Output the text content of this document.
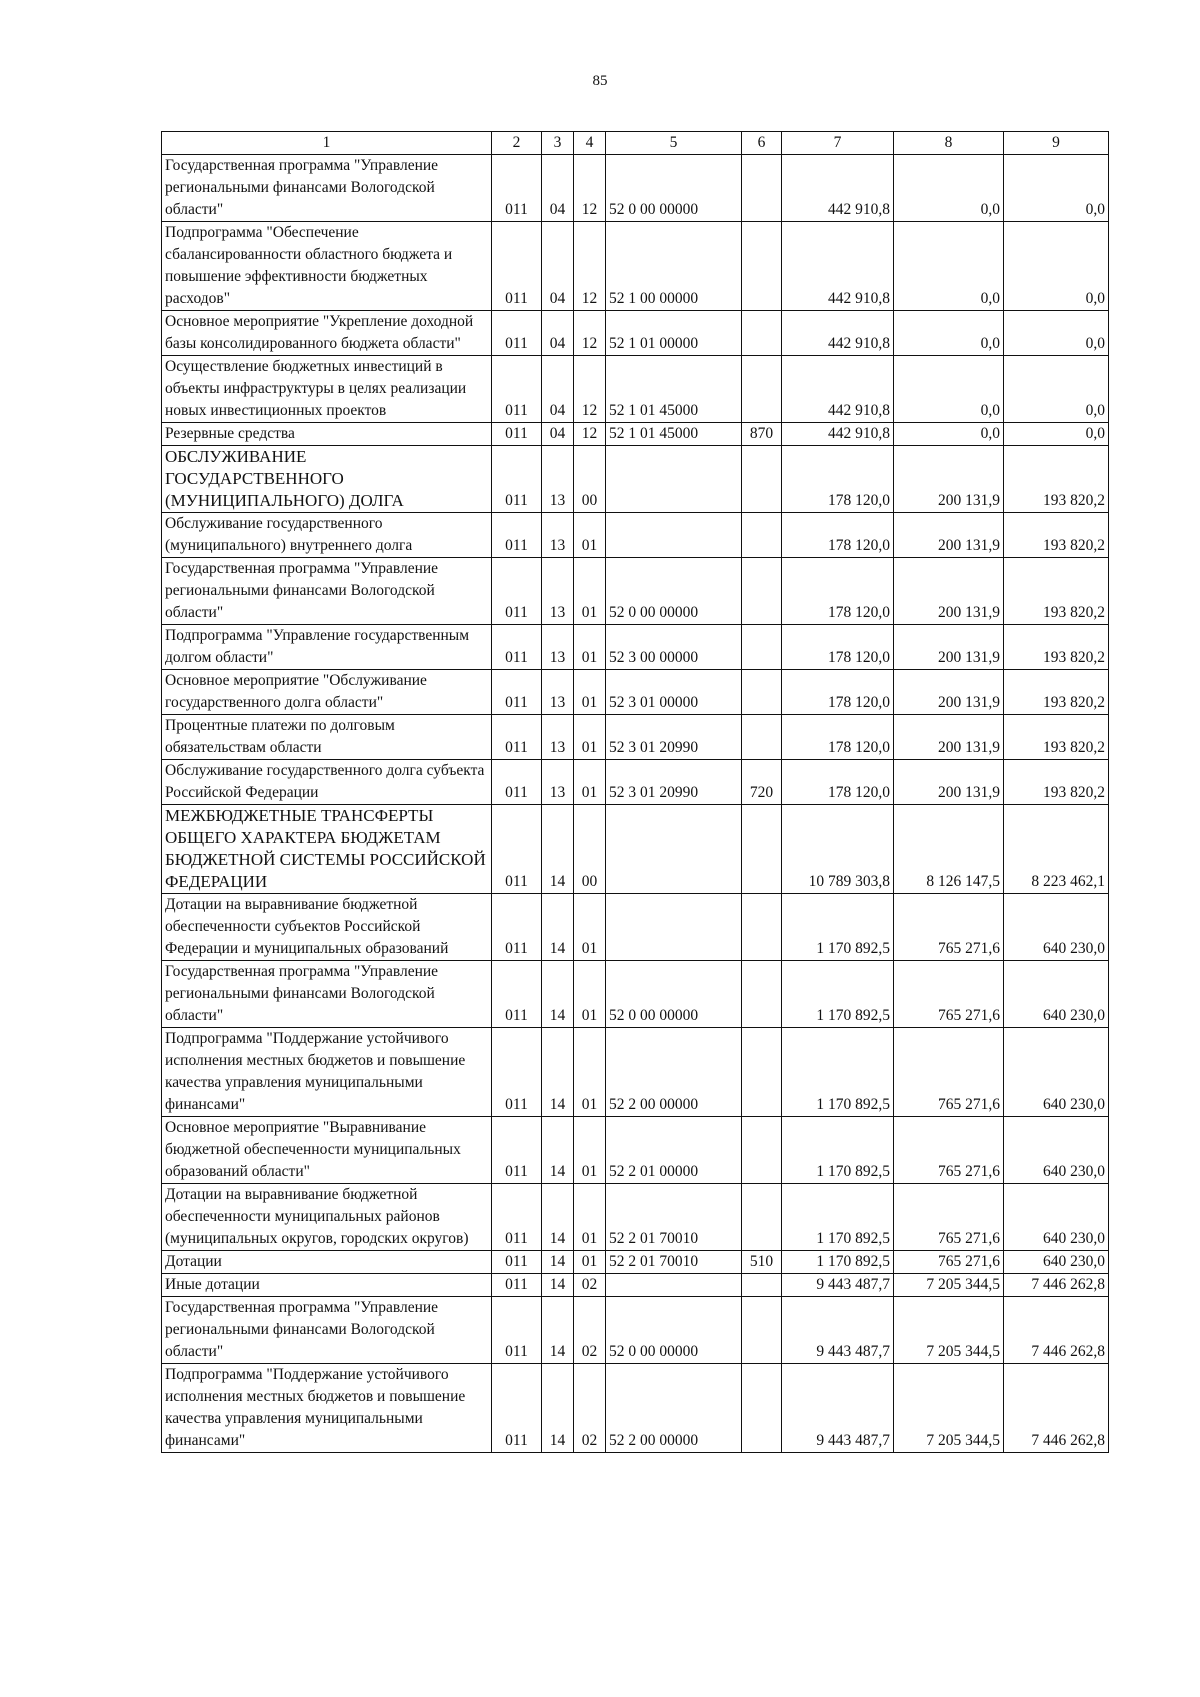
85
1	2	3	4	5	6	7	8	9
Государственная программа "Управление региональными финансами Вологодской области"	011	04	12	52 0 00 00000		442 910,8	0,0	0,0
Подпрограмма "Обеспечение сбалансированности областного бюджета и повышение эффективности бюджетных расходов"	011	04	12	52 1 00 00000		442 910,8	0,0	0,0
Основное мероприятие "Укрепление доходной базы консолидированного бюджета области"	011	04	12	52 1 01 00000		442 910,8	0,0	0,0
Осуществление бюджетных инвестиций в объекты инфраструктуры в целях реализации новых инвестиционных проектов	011	04	12	52 1 01 45000		442 910,8	0,0	0,0
Резервные средства	011	04	12	52 1 01 45000	870	442 910,8	0,0	0,0
ОБСЛУЖИВАНИЕ ГОСУДАРСТВЕННОГО (МУНИЦИПАЛЬНОГО) ДОЛГА	011	13	00			178 120,0	200 131,9	193 820,2
Обслуживание государственного (муниципального) внутреннего долга	011	13	01			178 120,0	200 131,9	193 820,2
Государственная программа "Управление региональными финансами Вологодской области"	011	13	01	52 0 00 00000		178 120,0	200 131,9	193 820,2
Подпрограмма "Управление государственным долгом области"	011	13	01	52 3 00 00000		178 120,0	200 131,9	193 820,2
Основное мероприятие "Обслуживание государственного долга области"	011	13	01	52 3 01 00000		178 120,0	200 131,9	193 820,2
Процентные платежи по долговым обязательствам области	011	13	01	52 3 01 20990		178 120,0	200 131,9	193 820,2
Обслуживание государственного долга субъекта Российской Федерации	011	13	01	52 3 01 20990	720	178 120,0	200 131,9	193 820,2
МЕЖБЮДЖЕТНЫЕ ТРАНСФЕРТЫ ОБЩЕГО ХАРАКТЕРА БЮДЖЕТАМ БЮДЖЕТНОЙ СИСТЕМЫ РОССИЙСКОЙ ФЕДЕРАЦИИ	011	14	00			10 789 303,8	8 126 147,5	8 223 462,1
Дотации на выравнивание бюджетной обеспеченности субъектов Российской Федерации и муниципальных образований	011	14	01			1 170 892,5	765 271,6	640 230,0
Государственная программа "Управление региональными финансами Вологодской области"	011	14	01	52 0 00 00000		1 170 892,5	765 271,6	640 230,0
Подпрограмма "Поддержание устойчивого исполнения местных бюджетов и повышение качества управления муниципальными финансами"	011	14	01	52 2 00 00000		1 170 892,5	765 271,6	640 230,0
Основное мероприятие "Выравнивание бюджетной обеспеченности муниципальных образований области"	011	14	01	52 2 01 00000		1 170 892,5	765 271,6	640 230,0
Дотации на выравнивание бюджетной обеспеченности муниципальных районов (муниципальных округов, городских округов)	011	14	01	52 2 01 70010		1 170 892,5	765 271,6	640 230,0
Дотации	011	14	01	52 2 01 70010	510	1 170 892,5	765 271,6	640 230,0
Иные дотации	011	14	02			9 443 487,7	7 205 344,5	7 446 262,8
Государственная программа "Управление региональными финансами Вологодской области"	011	14	02	52 0 00 00000		9 443 487,7	7 205 344,5	7 446 262,8
Подпрограмма "Поддержание устойчивого исполнения местных бюджетов и повышение качества управления муниципальными финансами"	011	14	02	52 2 00 00000		9 443 487,7	7 205 344,5	7 446 262,8
